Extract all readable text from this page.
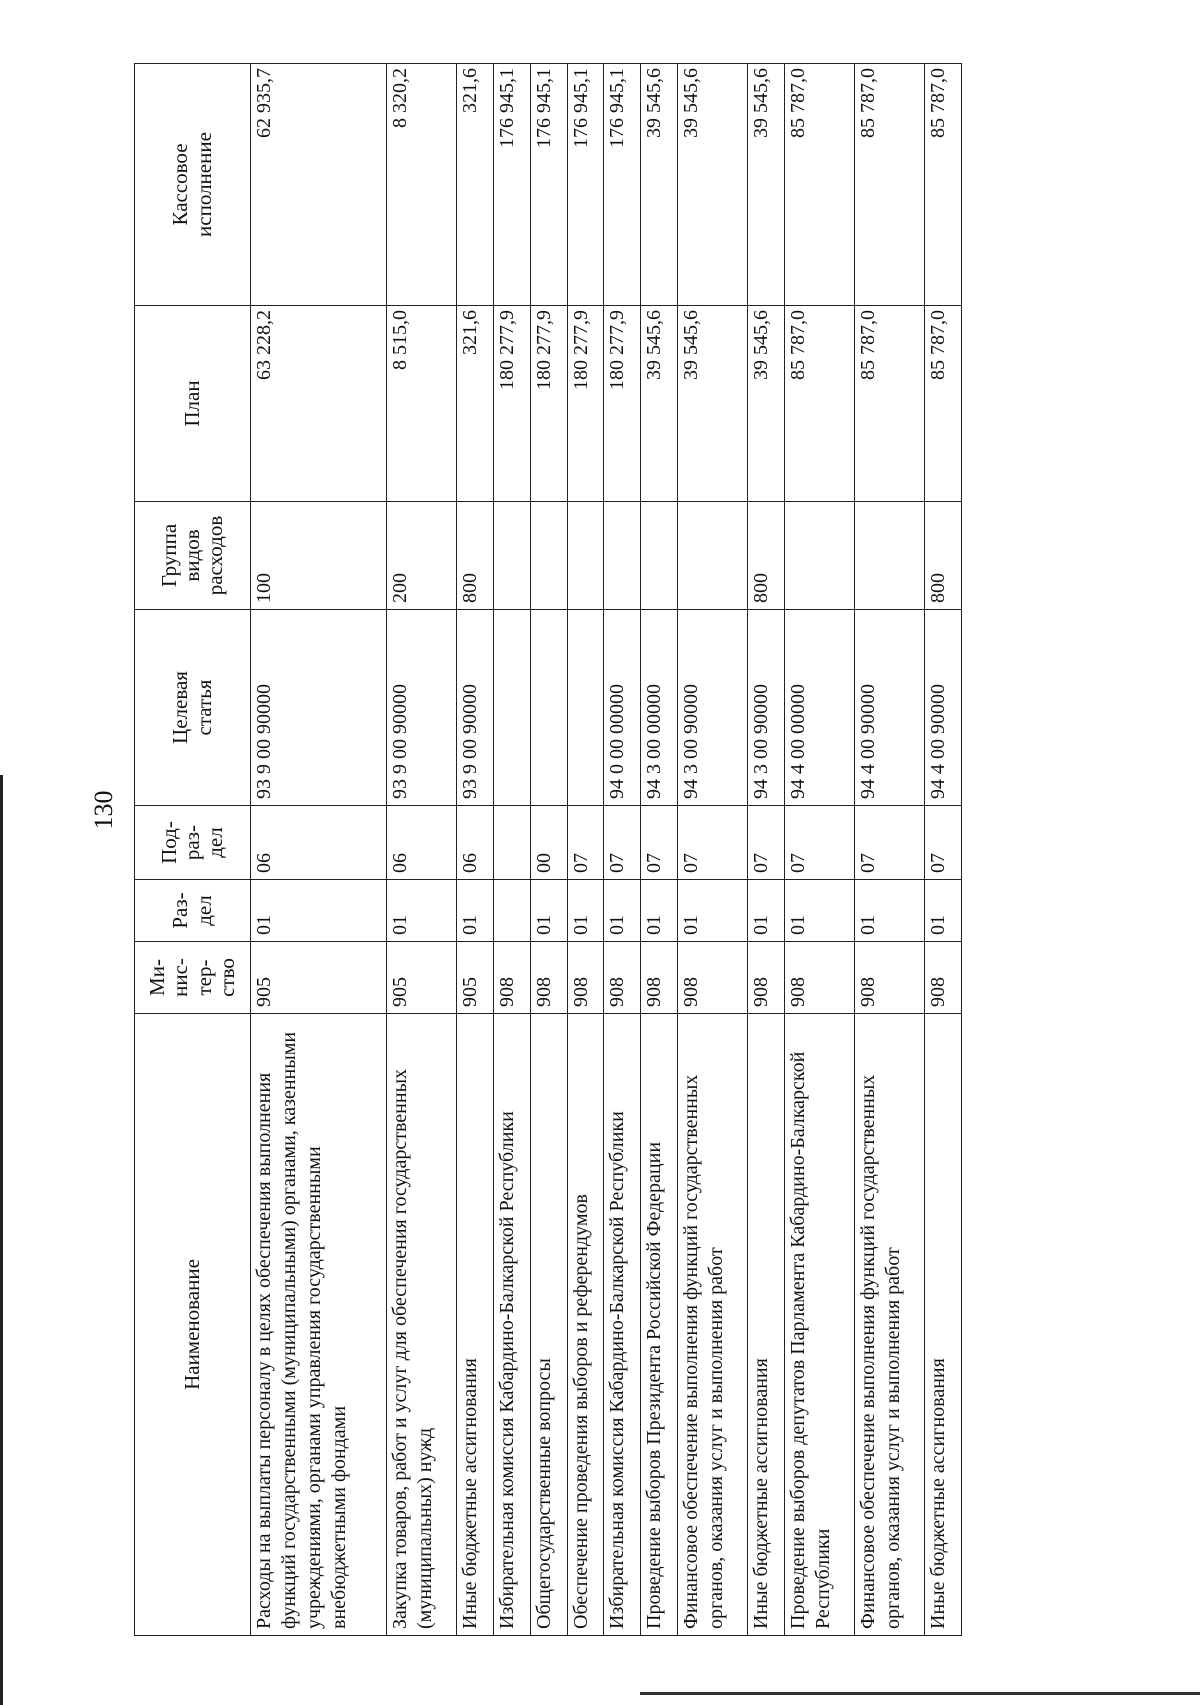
130
Наименование	Ми-
нис-
тер-
ство	Раз-
дел	Под-
раз-
дел	Целевая
статья	Группа
видов
расходов	План	Кассовое
исполнение
Расходы на выплаты персоналу в целях обеспечения выполнения функций государственными (муниципальными) органами, казенными учреждениями, органами управления государственными внебюджетными фондами	905	01	06	93 9 00 90000	100	63 228,2	62 935,7
Закупка товаров, работ и услуг для обеспечения государственных (муниципальных) нужд	905	01	06	93 9 00 90000	200	8 515,0	8 320,2
Иные бюджетные ассигнования	905	01	06	93 9 00 90000	800	321,6	321,6
Избирательная комиссия Кабардино-Балкарской Республики	908					180 277,9	176 945,1
Общегосударственные вопросы	908	01	00			180 277,9	176 945,1
Обеспечение проведения выборов и референдумов	908	01	07			180 277,9	176 945,1
Избирательная комиссия Кабардино-Балкарской Республики	908	01	07	94 0 00 00000		180 277,9	176 945,1
Проведение выборов Президента Российской Федерации	908	01	07	94 3 00 00000		39 545,6	39 545,6
Финансовое обеспечение выполнения функций государственных органов, оказания услуг и выполнения работ	908	01	07	94 3 00 90000		39 545,6	39 545,6
Иные бюджетные ассигнования	908	01	07	94 3 00 90000	800	39 545,6	39 545,6
Проведение выборов депутатов Парламента Кабардино-Балкарской Республики	908	01	07	94 4 00 00000		85 787,0	85 787,0
Финансовое обеспечение выполнения функций государственных органов, оказания услуг и выполнения работ	908	01	07	94 4 00 90000		85 787,0	85 787,0
Иные бюджетные ассигнования	908	01	07	94 4 00 90000	800	85 787,0	85 787,0
